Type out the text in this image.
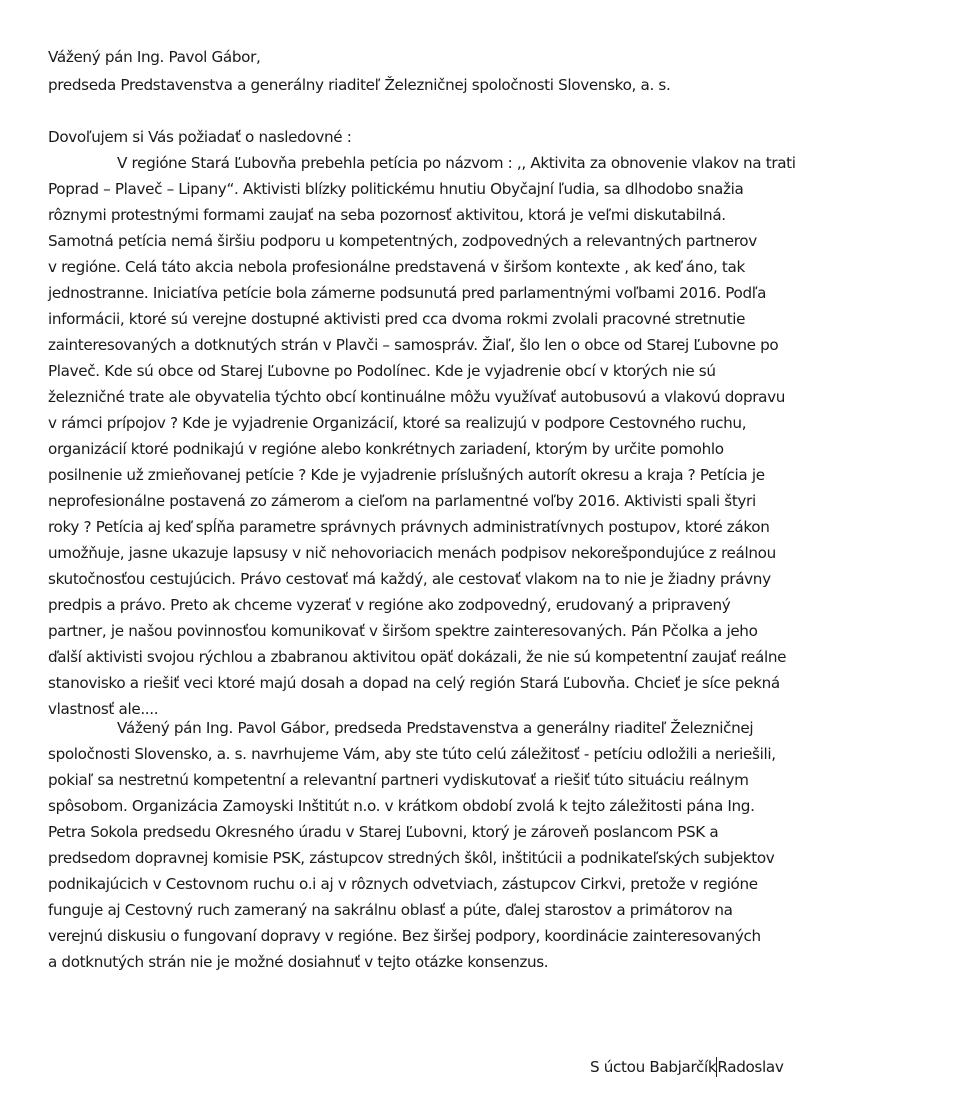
Vážený pán Ing. Pavol Gábor,
predseda Predstavenstva a generálny riaditeľ Železničnej spoločnosti Slovensko, a. s.
Dovoľujem si Vás požiadať o nasledovné :
V regióne Stará Ľubovňa prebehla petícia po názvom : ,, Aktivita za obnovenie vlakov na trati
Poprad – Plaveč – Lipany“. Aktivisti blízky politickému hnutiu Obyčajní ľudia, sa dlhodobo snažia
rôznymi protestnými formami zaujať na seba pozornosť aktivitou, ktorá je veľmi diskutabilná.
Samotná petícia nemá širšiu podporu u kompetentných, zodpovedných a relevantných partnerov
v regióne. Celá táto akcia nebola profesionálne predstavená v širšom kontexte , ak keď áno, tak
jednostranne. Iniciatíva petície bola zámerne podsunutá pred parlamentnými voľbami 2016. Podľa
informácii, ktoré sú verejne dostupné aktivisti pred cca dvoma rokmi zvolali pracovné stretnutie
zainteresovaných a dotknutých strán v Plavči – samospráv. Žiaľ, šlo len o obce od Starej Ľubovne po
Plaveč. Kde sú obce od Starej Ľubovne po Podolínec. Kde je vyjadrenie obcí v ktorých nie sú
železničné trate ale obyvatelia týchto obcí kontinuálne môžu využívať autobusovú a vlakovú dopravu
v rámci prípojov ? Kde je vyjadrenie Organizácií, ktoré sa realizujú v podpore Cestovného ruchu,
organizácií ktoré podnikajú v regióne alebo konkrétnych zariadení, ktorým by určite pomohlo
posilnenie už zmieňovanej petície ? Kde je vyjadrenie príslušných autorít okresu a kraja ? Petícia je
neprofesionálne postavená zo zámerom a cieľom na parlamentné voľby 2016. Aktivisti spali štyri
roky ? Petícia aj keď spĺňa parametre správnych právnych administratívnych postupov, ktoré zákon
umožňuje, jasne ukazuje lapsusy v nič nehovoriacich menách podpisov nekorešpondujúce z reálnou
skutočnosťou cestujúcich. Právo cestovať má každý, ale cestovať vlakom na to nie je žiadny právny
predpis a právo. Preto ak chceme vyzerať v regióne ako zodpovedný, erudovaný a pripravený
partner, je našou povinnosťou komunikovať v širšom spektre zainteresovaných. Pán Pčolka a jeho
ďalší aktivisti svojou rýchlou a zbabranou aktivitou opäť dokázali, že nie sú kompetentní zaujať reálne
stanovisko a riešiť veci ktoré majú dosah a dopad na celý región Stará Ľubovňa. Chcieť je síce pekná
vlastnosť ale....
Vážený pán Ing. Pavol Gábor, predseda Predstavenstva a generálny riaditeľ Železničnej
spoločnosti Slovensko, a. s. navrhujeme Vám, aby ste túto celú záležitosť - petíciu odložili a neriešili,
pokiaľ sa nestretnú kompetentní a relevantní partneri vydiskutovať a riešiť túto situáciu reálnym
spôsobom. Organizácia Zamoyski Inštitút n.o. v krátkom období zvolá k tejto záležitosti pána Ing.
Petra Sokola predsedu Okresného úradu v Starej Ľubovni, ktorý je zároveň poslancom PSK a
predsedom dopravnej komisie PSK, zástupcov stredných škôl, inštitúcii a podnikateľských subjektov
podnikajúcich v Cestovnom ruchu o.i aj v rôznych odvetviach, zástupcov Cirkvi, pretože v regióne
funguje aj Cestovný ruch zameraný na sakrálnu oblasť a púte, ďalej starostov a primátorov na
verejnú diskusiu o fungovaní dopravy v regióne. Bez širšej podpory, koordinácie zainteresovaných
a dotknutých strán nie je možné dosiahnuť v tejto otázke konsenzus.
S úctou BabjarčíkRadoslav
